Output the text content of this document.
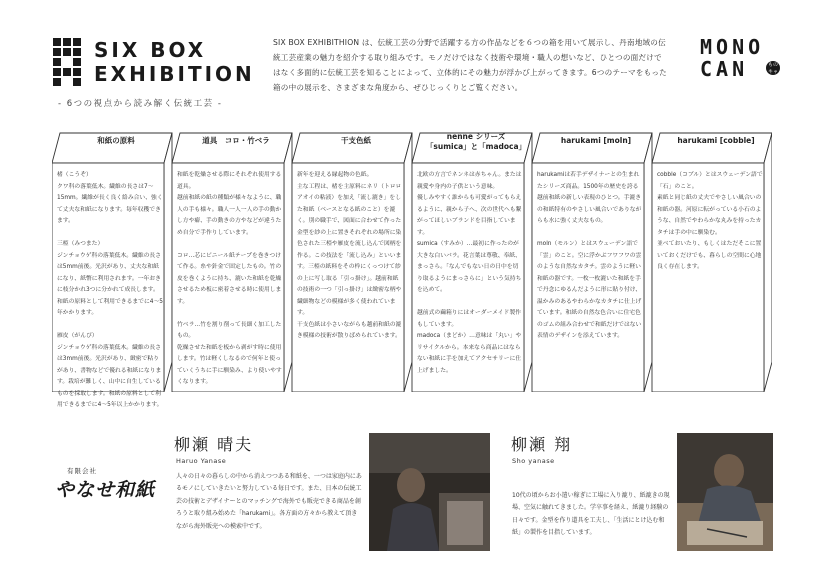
SIX BOX
EXHIBITION
- 6つの視点から読み解く伝統工芸 -
SIX BOX EXHIBITHION は、伝統工芸の分野で活躍する方の作品などを６つの箱を用いて展示し、丹南地域の伝統工芸産業の魅力を紹介する取り組みです。モノだけではなく技術や環境・職人の想いなど、ひとつの面だけではなく多面的に伝統工芸を知ることによって、立体的にその魅力が浮かび上がってきます。6つのテーマをもった箱の中の展示を、さまざまな角度から、ぜひじっくりとご覧ください。
MONO
CAN	もの
キャン
和紙の原料
楮（こうぞ）
クワ科の落葉低木。繊維の長さは7〜15mm。繊維が長く良く絡み合い、強くて丈夫な和紙になります。毎年収穫できます。

三椏（みつまた）
ジンチョウゲ科の落葉低木。繊維の長さは5mm前後。光沢があり、丈夫な和紙になり、紙幣に利用されます。一年おきに枝分かれ3つに分かれて成長します。和紙の原料として利用できるまでに4〜5年かかります。

雁皮（がんぴ）
ジンチョウゲ科の落葉低木。繊維の長さは3mm前後。光沢があり、緻密で粘りがあり、書物などで優れる和紙になります。栽培が難しく、山中に自生しているものを採取します。和紙の原料として利用できるまでに4〜5年以上かかります。
道具　コロ・竹ベラ
和紙を乾燥させる際にそれぞれ使用する道具。
越前和紙の紙の種類が様々なように、職人の手も様々。職人一人一人の手の動かし方や癖、手の動きの方やなどが違うため自分で手作りしています。

コロ…芯にビニール紙テープを巻きつけて作る。糸や針金で固定したもの。竹の皮を巻くように持ち、漉いた和紙を乾燥させるため板に密着させる時に使用します。

竹ベラ…竹を割り削って長細く加工したもの。
乾燥させた和紙を板から剥がす時に使用します。竹は軽くしなるので何年と使っていくうちに手に馴染み、より使いやすくなります。
干支色紙
新年を迎える縁起物の色紙。
主な工程は、楮を主原料にネリ（トロロアオイの粘液）を加え「流し漉き」をした和紙（ベースとなる紙のこと）を漉く。別の職手で、図面に合わせて作った金型を紗の上に置きそれぞれの場所に染色された三椏や雁皮を流し込んで図柄を作る。この技法を「流し込み」といいます。三椏の紙料をその枠にくっつけて紗の上に写し取る「引っ掛け」。越前和紙の技術の一つ「引っ掛け」は緻密な柄や繊細物などの模様が多く使われています。
干支色紙は小さいながらも越前和紙の漉き模様の技術が散りばめられています。
nenne シリーズ
「sumica」と「madoca」
北欧の方言でネンネは赤ちゃん。または親愛や身内の子供という意味。
優しみやすく誰からも可愛がってもらえるように、親から子へ、次の世代へも繋がってほしいブランドを目指しています。
sumica（すみか）…最初に作ったのが大きな白いバラ。花言葉は尊敬、奉紙、まっさら。「なんでもない日の日中を切り取るようにまっさらに」という気持ちを込めて。

越前式の繭箱りにはオーダーメイド製作もしています。
madoca（まどか）…意味は「丸い」やリサイクルから。本来なら商品にはならない和紙に手を加えてアクセサリーに仕上げました。
harukami [moln]
harukamiは若手デザイナーとの生まれたシリーズ商品。1500年の歴史を誇る越前和紙の新しい表現のひとつ。手漉きの和紙特有のやさしい風合いでありながらも水に強く丈夫なもの。

moln（モルン）とはスウェーデン語で「雲」のこと。空に浮かぶフワフワの雲のような自然なカタチ。雲のように軽い和紙の器です。一枚一枚漉いた和紙を手で丹念にゆるんだように形に貼り付け、温かみのあるやわらかなカタチに仕上げています。和紙の自然な色合いに住宅色のゴムの組み合わせで和紙だけではない表情のデザインを添えています。
harukami [cobble]
cobble（コブル）とはスウェーデン語で「石」のこと。
素紙と同じ紙の丈夫でやさしい風合いの和紙の器。河原に転がっている小石のような、自然でやわらかな丸みを持ったカタチは手の中に馴染む。
並べておいたり、もしくはただそこに置いておくだけでも、暮らしの空間に心地良く存在します。
有限会社
やなせ和紙
柳瀬 晴夫
Haruo Yanase
人々の日々の暮らしの中から消えつつある和紙を、一つは家庭内にあるモノにしていきたいと努力している毎日です。また、日本の伝統工芸の技術とデザイナーとのマッチングで海外でも販売できる商品を創ろうと取り組み始めた「harukami」。各方面の方々から教えて頂きながら海外販売への模索中です。
柳瀬 翔
Sho yanase
10代の頃からお小遣い稼ぎに工場に入り漉り、紙漉きの現場、空気に触れてきました。学卒事を経え、紙漉り経験の日々です。金型を作り道具を工夫し、「生活にとけ込む和紙」の製作を目指しています。
